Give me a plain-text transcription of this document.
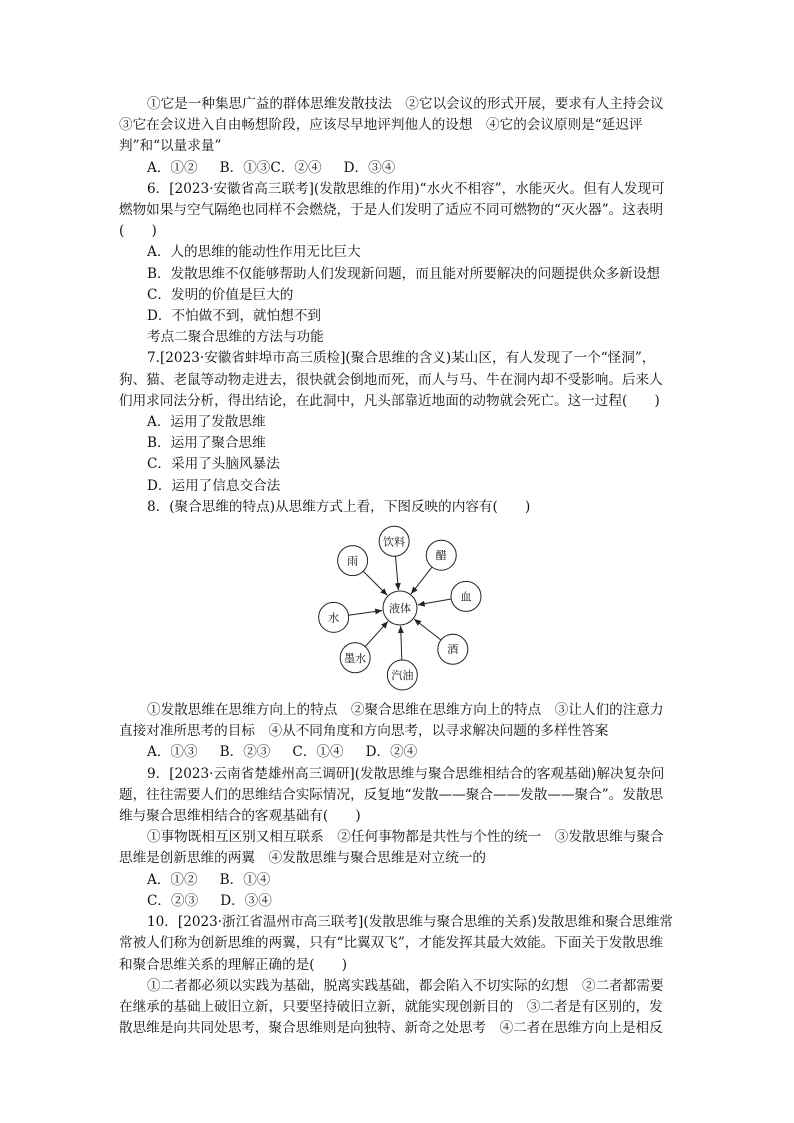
①它是一种集思广益的群体思维发散技法　②它以会议的形式开展，要求有人主持会议　③它在会议进入自由畅想阶段，应该尽早地评判他人的设想　④它的会议原则是“延迟评判”和“以量求量”

A．①② B．①③ C．②④ D．③④

6．[2023·安徽省高三联考](发散思维的作用)“水火不相容”，水能灭火。但有人发现可燃物如果与空气隔绝也同样不会燃烧，于是人们发明了适应不同可燃物的“灭火器”。这表明(　　)

A．人的思维的能动性作用无比巨大

B．发散思维不仅能够帮助人们发现新问题，而且能对所要解决的问题提供众多新设想

C．发明的价值是巨大的

D．不怕做不到，就怕想不到

考点二聚合思维的方法与功能

7.[2023·安徽省蚌埠市高三质检](聚合思维的含义)某山区，有人发现了一个“怪洞”，狗、猫、老鼠等动物走进去，很快就会倒地而死，而人与马、牛在洞内却不受影响。后来人们用求同法分析，得出结论，在此洞中，凡头部靠近地面的动物就会死亡。这一过程(　　)

A．运用了发散思维

B．运用了聚合思维

C．采用了头脑风暴法

D．运用了信息交合法

8．(聚合思维的特点)从思维方式上看，下图反映的内容有(　　)

饮料
醋
血
酒
汽油
墨水
水
雨
液体

①发散思维在思维方向上的特点　②聚合思维在思维方向上的特点　③让人们的注意力直接对准所思考的目标　④从不同角度和方向思考，以寻求解决问题的多样性答案

A．①③ B．②③ C．①④ D．②④

9．[2023·云南省楚雄州高三调研](发散思维与聚合思维相结合的客观基础)解决复杂问题，往往需要人们的思维结合实际情况，反复地“发散——聚合——发散——聚合”。发散思维与聚合思维相结合的客观基础有(　　)

①事物既相互区别又相互联系　②任何事物都是共性与个性的统一　③发散思维与聚合思维是创新思维的两翼　④发散思维与聚合思维是对立统一的

A．①② B．①④
C．②③ D．③④

10．[2023·浙江省温州市高三联考](发散思维与聚合思维的关系)发散思维和聚合思维常常被人们称为创新思维的两翼，只有“比翼双飞”，才能发挥其最大效能。下面关于发散思维和聚合思维关系的理解正确的是(　　)

①二者都必须以实践为基础，脱离实践基础，都会陷入不切实际的幻想　②二者都需要在继承的基础上破旧立新，只要坚持破旧立新，就能实现创新目的　③二者是有区别的，发散思维是向共同处思考，聚合思维则是向独特、新奇之处思考　④二者在思维方向上是相反
